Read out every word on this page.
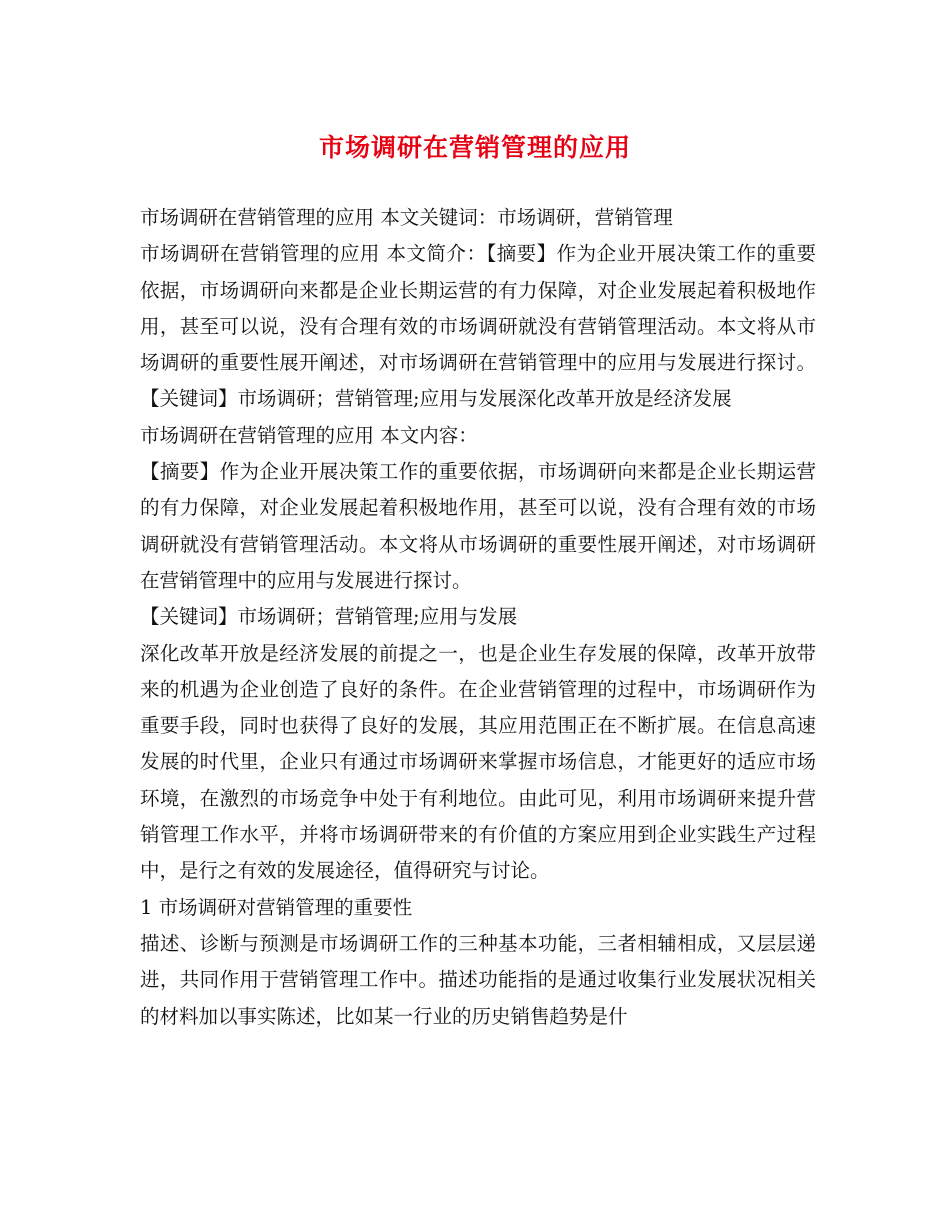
市场调研在营销管理的应用

市场调研在营销管理的应用 本文关键词：市场调研，营销管理

市场调研在营销管理的应用 本文简介：【摘要】作为企业开展决策工作的重要依据，市场调研向来都是企业长期运营的有力保障，对企业发展起着积极地作用，甚至可以说，没有合理有效的市场调研就没有营销管理活动。本文将从市场调研的重要性展开阐述，对市场调研在营销管理中的应用与发展进行探讨。【关键词】市场调研；营销管理;应用与发展深化改革开放是经济发展

市场调研在营销管理的应用 本文内容：

【摘要】作为企业开展决策工作的重要依据，市场调研向来都是企业长期运营的有力保障，对企业发展起着积极地作用，甚至可以说，没有合理有效的市场调研就没有营销管理活动。本文将从市场调研的重要性展开阐述，对市场调研在营销管理中的应用与发展进行探讨。

【关键词】市场调研；营销管理;应用与发展

深化改革开放是经济发展的前提之一，也是企业生存发展的保障，改革开放带来的机遇为企业创造了良好的条件。在企业营销管理的过程中，市场调研作为重要手段，同时也获得了良好的发展，其应用范围正在不断扩展。在信息高速发展的时代里，企业只有通过市场调研来掌握市场信息，才能更好的适应市场环境，在激烈的市场竞争中处于有利地位。由此可见，利用市场调研来提升营销管理工作水平，并将市场调研带来的有价值的方案应用到企业实践生产过程中，是行之有效的发展途径，值得研究与讨论。

1 市场调研对营销管理的重要性

描述、诊断与预测是市场调研工作的三种基本功能，三者相辅相成，又层层递进，共同作用于营销管理工作中。描述功能指的是通过收集行业发展状况相关的材料加以事实陈述，比如某一行业的历史销售趋势是什
